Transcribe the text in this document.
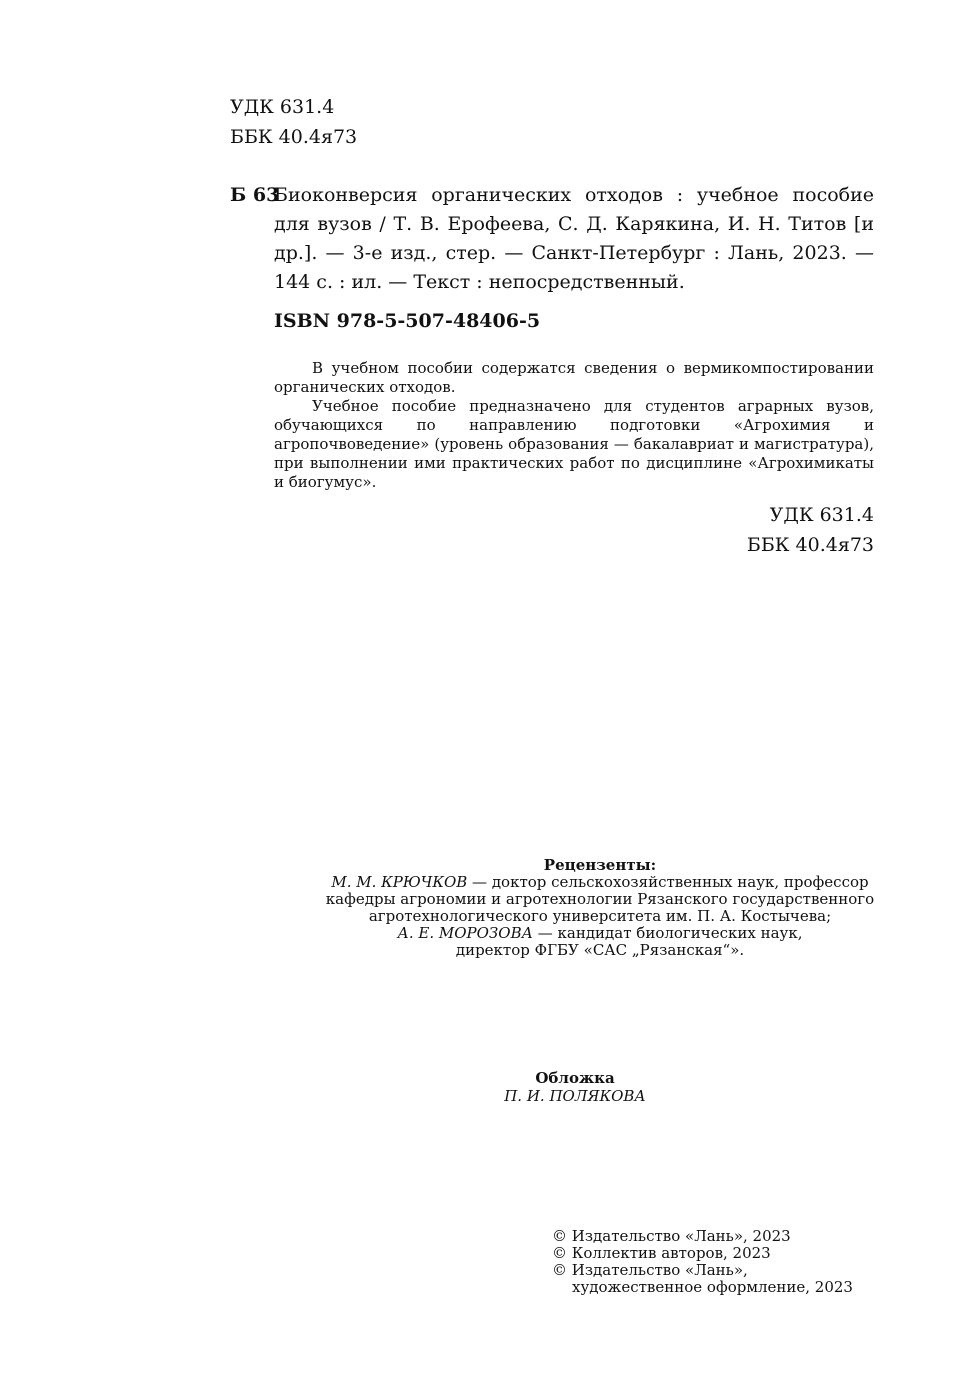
УДК 631.4
ББК 40.4я73
Б 63
Биоконверсия органических отходов : учебное пособие для вузов / Т. В. Ерофеева, С. Д. Карякина, И. Н. Титов [и др.]. — 3-е изд., стер. — Санкт-Петербург : Лань, 2023. — 144 с. : ил. — Текст : непосредственный.
ISBN 978-5-507-48406-5

В учебном пособии содержатся сведения о вермикомпостировании органических отходов.

Учебное пособие предназначено для студентов аграрных вузов, обучающихся по направлению подготовки «Агрохимия и агропочвоведение» (уровень образования — бакалавриат и магистратура), при выполнении ими практических работ по дисциплине «Агрохимикаты и биогумус».

УДК 631.4
ББК 40.4я73
Рецензенты:
М. М. КРЮЧКОВ — доктор сельскохозяйственных наук, профессор
кафедры агрономии и агротехнологии Рязанского государственного
агротехнологического университета им. П. А. Костычева;
А. Е. МОРОЗОВА — кандидат биологических наук,
директор ФГБУ «САС „Рязанская“».
Обложка
П. И. ПОЛЯКОВА
© Издательство «Лань», 2023
© Коллектив авторов, 2023
© Издательство «Лань»,
художественное оформление, 2023
